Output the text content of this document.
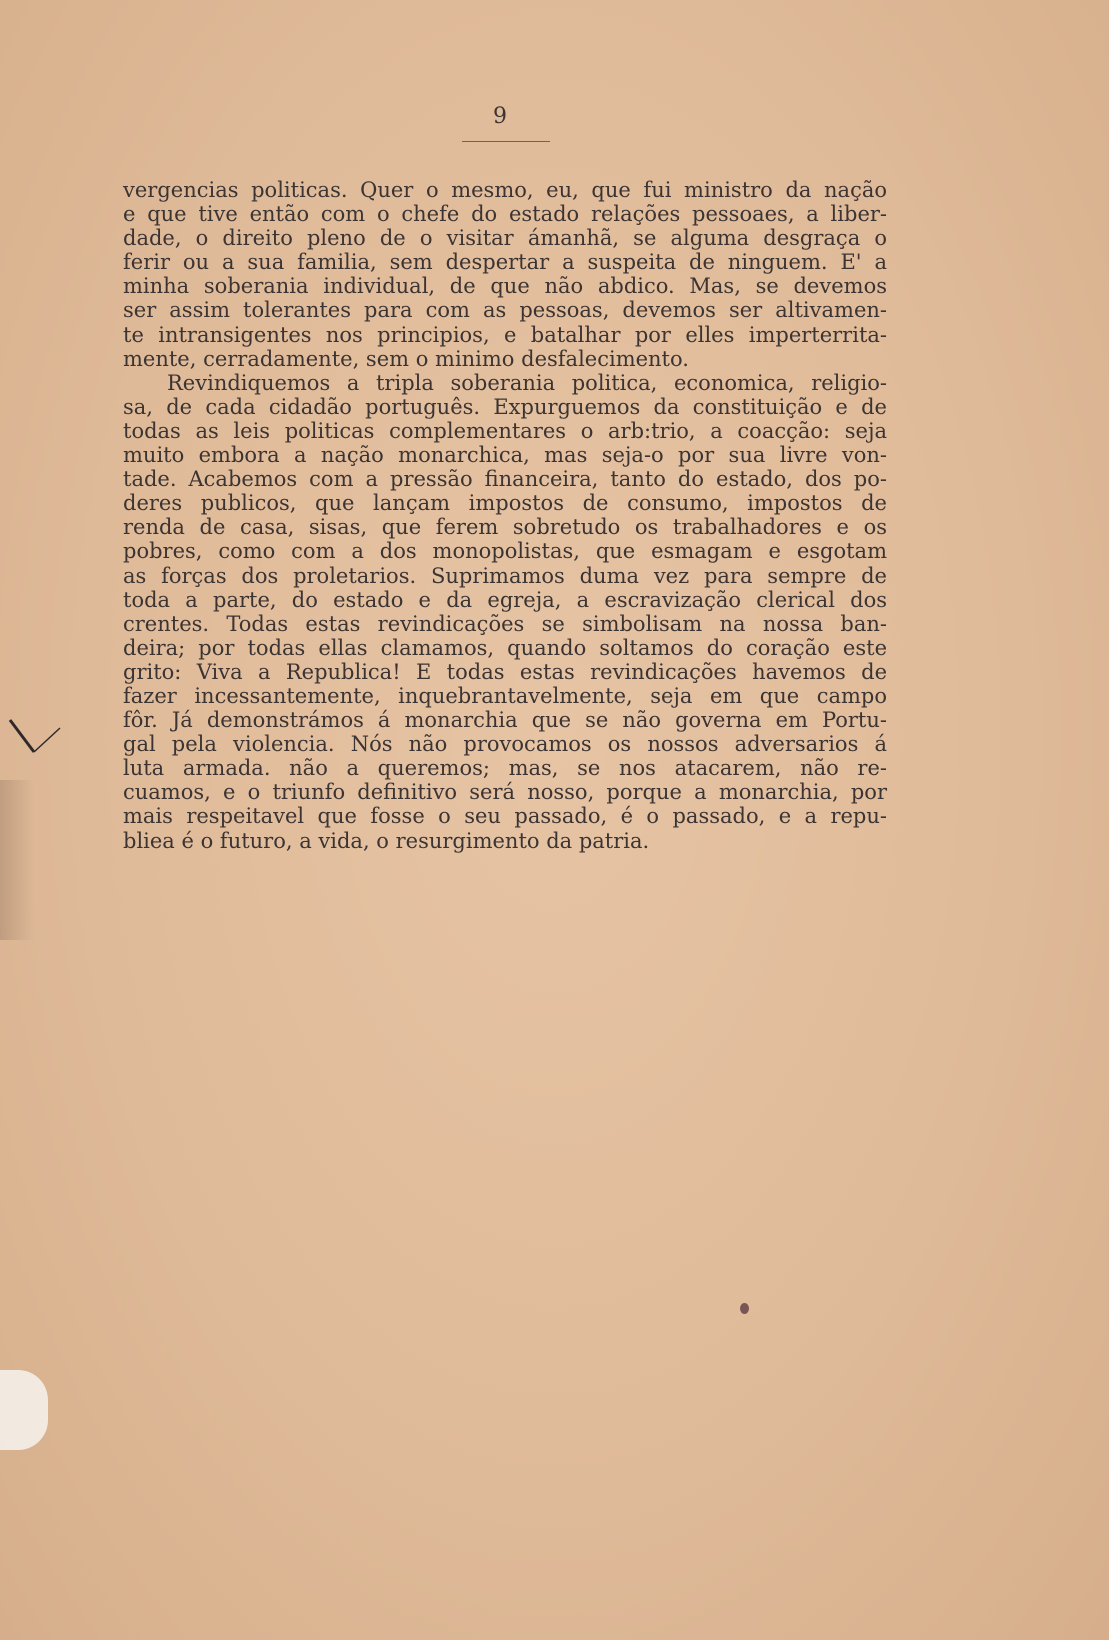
9
vergencias politicas. Quer o mesmo, eu, que fui ministro da nação
e que tive então com o chefe do estado relações pessoaes, a liber-
dade, o direito pleno de o visitar ámanhã, se alguma desgraça o
ferir ou a sua familia, sem despertar a suspeita de ninguem. E' a
minha soberania individual, de que não abdico. Mas, se devemos
ser assim tolerantes para com as pessoas, devemos ser altivamen-
te intransigentes nos principios, e batalhar por elles imperterrita-
mente, cerradamente, sem o minimo desfalecimento.
Revindiquemos a tripla soberania politica, economica, religio-
sa, de cada cidadão português. Expurguemos da constituição e de
todas as leis politicas complementares o arb:trio, a coacção: seja
muito embora a nação monarchica, mas seja-o por sua livre von-
tade. Acabemos com a pressão financeira, tanto do estado, dos po-
deres publicos, que lançam impostos de consumo, impostos de
renda de casa, sisas, que ferem sobretudo os trabalhadores e os
pobres, como com a dos monopolistas, que esmagam e esgotam
as forças dos proletarios. Suprimamos duma vez para sempre de
toda a parte, do estado e da egreja, a escravização clerical dos
crentes. Todas estas revindicações se simbolisam na nossa ban-
deira; por todas ellas clamamos, quando soltamos do coração este
grito: Viva a Republica! E todas estas revindicações havemos de
fazer incessantemente, inquebrantavelmente, seja em que campo
fôr. Já demonstrámos á monarchia que se não governa em Portu-
gal pela violencia. Nós não provocamos os nossos adversarios á
luta armada. não a queremos; mas, se nos atacarem, não re-
cuamos, e o triunfo definitivo será nosso, porque a monarchia, por
mais respeitavel que fosse o seu passado, é o passado, e a repu-
bliea é o futuro, a vida, o resurgimento da patria.
